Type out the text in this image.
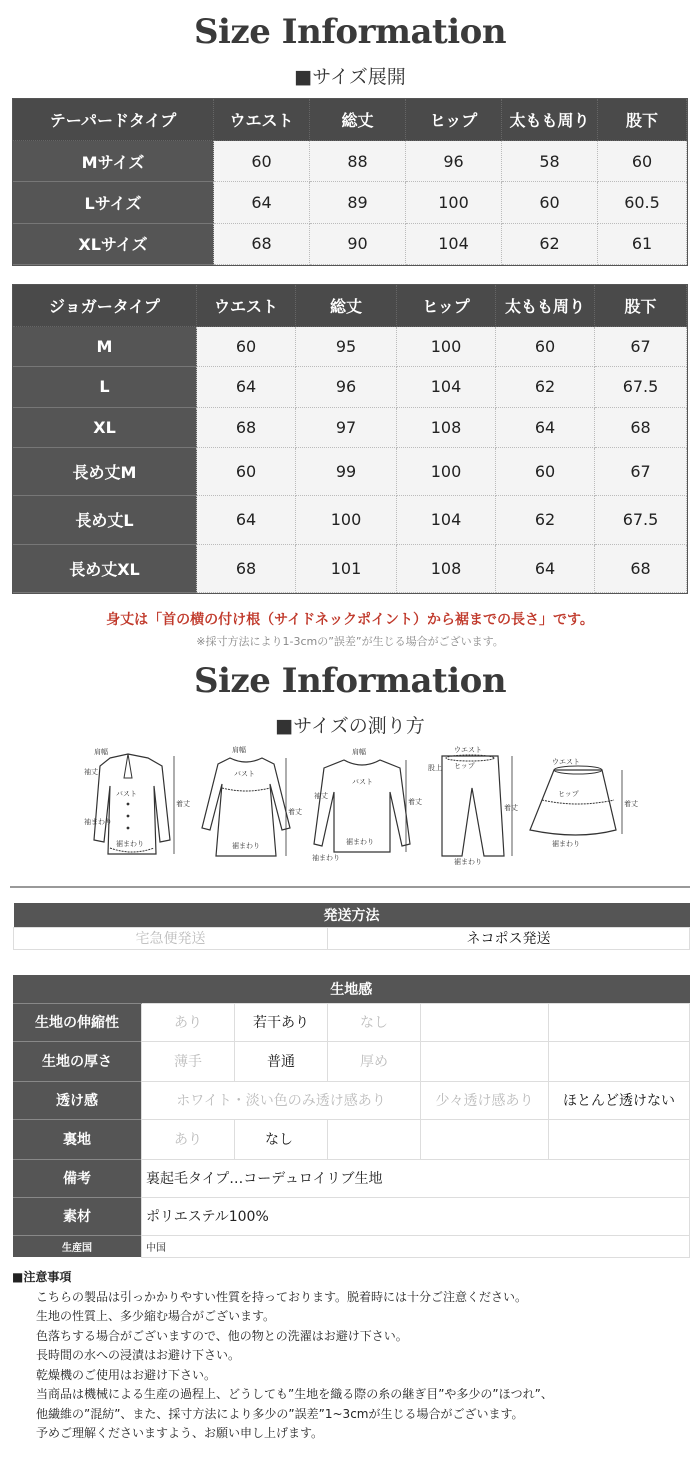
Size Information
■サイズ展開
テーパードタイプ	ウエスト	総丈	ヒップ	太もも周り	股下
Mサイズ	60	88	96	58	60
Lサイズ	64	89	100	60	60.5
XLサイズ	68	90	104	62	61
ジョガータイプ	ウエスト	総丈	ヒップ	太もも周り	股下
M	60	95	100	60	67
L	64	96	104	62	67.5
XL	68	97	108	64	68
長め丈M	60	99	100	60	67
長め丈L	64	100	104	62	67.5
長め丈XL	68	101	108	64	68
身丈は「首の横の付け根（サイドネックポイント）から裾までの長さ」です。
※採寸方法により1-3cmの”誤差”が生じる場合がございます。
Size Information
■サイズの測り方
肩幅
袖丈
バスト
着丈
袖まわり
裾まわり
肩幅
バスト
着丈
裾まわり
肩幅
袖丈
バスト
着丈
裾まわり
袖まわり
ウエスト
ヒップ
股上
着丈
裾まわり
ウエスト
ヒップ
着丈
裾まわり
発送方法
宅急便発送	ネコポス発送
生地感					
生地の伸縮性	あり	若干あり	なし		
生地の厚さ	薄手	普通	厚め		
透け感	ホワイト・淡い色のみ透け感あり			少々透け感あり	ほとんど透けない
裏地	あり	なし			
備考	裏起毛タイプ…コーデュロイリブ生地				
素材	ポリエステル100%				
生産国	中国				
■注意事項
こちらの製品は引っかかりやすい性質を持っております。脱着時には十分ご注意ください。
生地の性質上、多少縮む場合がございます。
色落ちする場合がございますので、他の物との洗濯はお避け下さい。
長時間の水への浸漬はお避け下さい。
乾燥機のご使用はお避け下さい。
当商品は機械による生産の過程上、どうしても”生地を織る際の糸の継ぎ目”や多少の”ほつれ”、
他繊維の”混紡”、また、採寸方法により多少の”誤差”1~3cmが生じる場合がございます。
予めご理解くださいますよう、お願い申し上げます。
